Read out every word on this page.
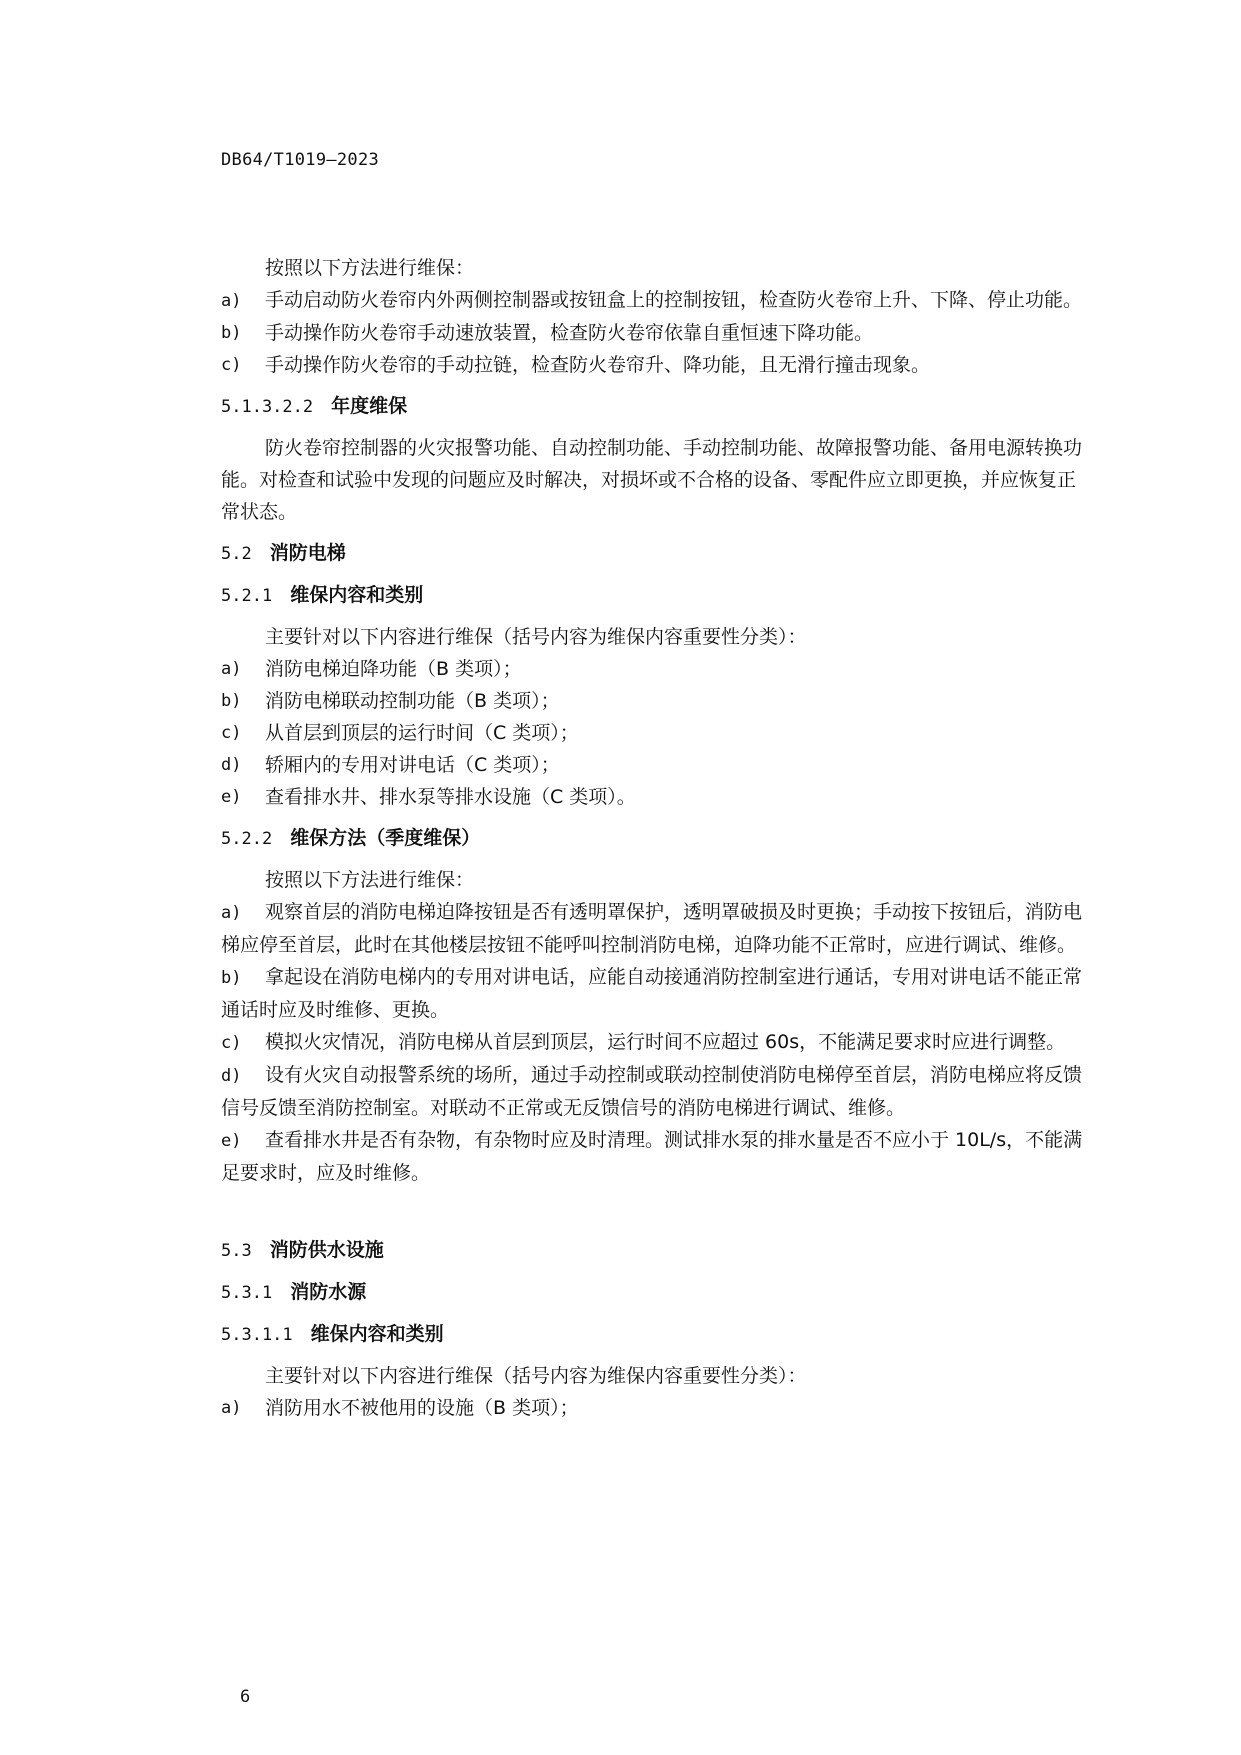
DB64/T1019—2023

按照以下方法进行维保：

a) 手动启动防火卷帘内外两侧控制器或按钮盒上的控制按钮，检查防火卷帘上升、下降、停止功能。
b)	手动操作防火卷帘手动速放装置，检查防火卷帘依靠自重恒速下降功能。
c)	手动操作防火卷帘的手动拉链，检查防火卷帘升、降功能，且无滑行撞击现象。
5.1.3.2.2 年度维保

防火卷帘控制器的火灾报警功能、自动控制功能、手动控制功能、故障报警功能、备用电源转换功能。对检查和试验中发现的问题应及时解决，对损坏或不合格的设备、零配件应立即更换，并应恢复正常状态。

5.2 消防电梯
5.2.1 维保内容和类别

主要针对以下内容进行维保（括号内容为维保内容重要性分类）：

a)	消防电梯迫降功能（B 类项）；
b)	消防电梯联动控制功能（B 类项）；
c)	从首层到顶层的运行时间（C 类项）；
d)	轿厢内的专用对讲电话（C 类项）；
e)	查看排水井、排水泵等排水设施（C 类项）。
5.2.2 维保方法（季度维保）

按照以下方法进行维保：

a) 观察首层的消防电梯迫降按钮是否有透明罩保护，透明罩破损及时更换；手动按下按钮后，消防电梯应停至首层，此时在其他楼层按钮不能呼叫控制消防电梯，迫降功能不正常时，应进行调试、维修。
b) 拿起设在消防电梯内的专用对讲电话，应能自动接通消防控制室进行通话，专用对讲电话不能正常通话时应及时维修、更换。
c) 模拟火灾情况，消防电梯从首层到顶层，运行时间不应超过 60s，不能满足要求时应进行调整。
d) 设有火灾自动报警系统的场所，通过手动控制或联动控制使消防电梯停至首层，消防电梯应将反馈信号反馈至消防控制室。对联动不正常或无反馈信号的消防电梯进行调试、维修。
e) 查看排水井是否有杂物，有杂物时应及时清理。测试排水泵的排水量是否不应小于 10L/s，不能满足要求时，应及时维修。
5.3 消防供水设施
5.3.1 消防水源
5.3.1.1 维保内容和类别

主要针对以下内容进行维保（括号内容为维保内容重要性分类）：

a)	消防用水不被他用的设施（B 类项）；
6
